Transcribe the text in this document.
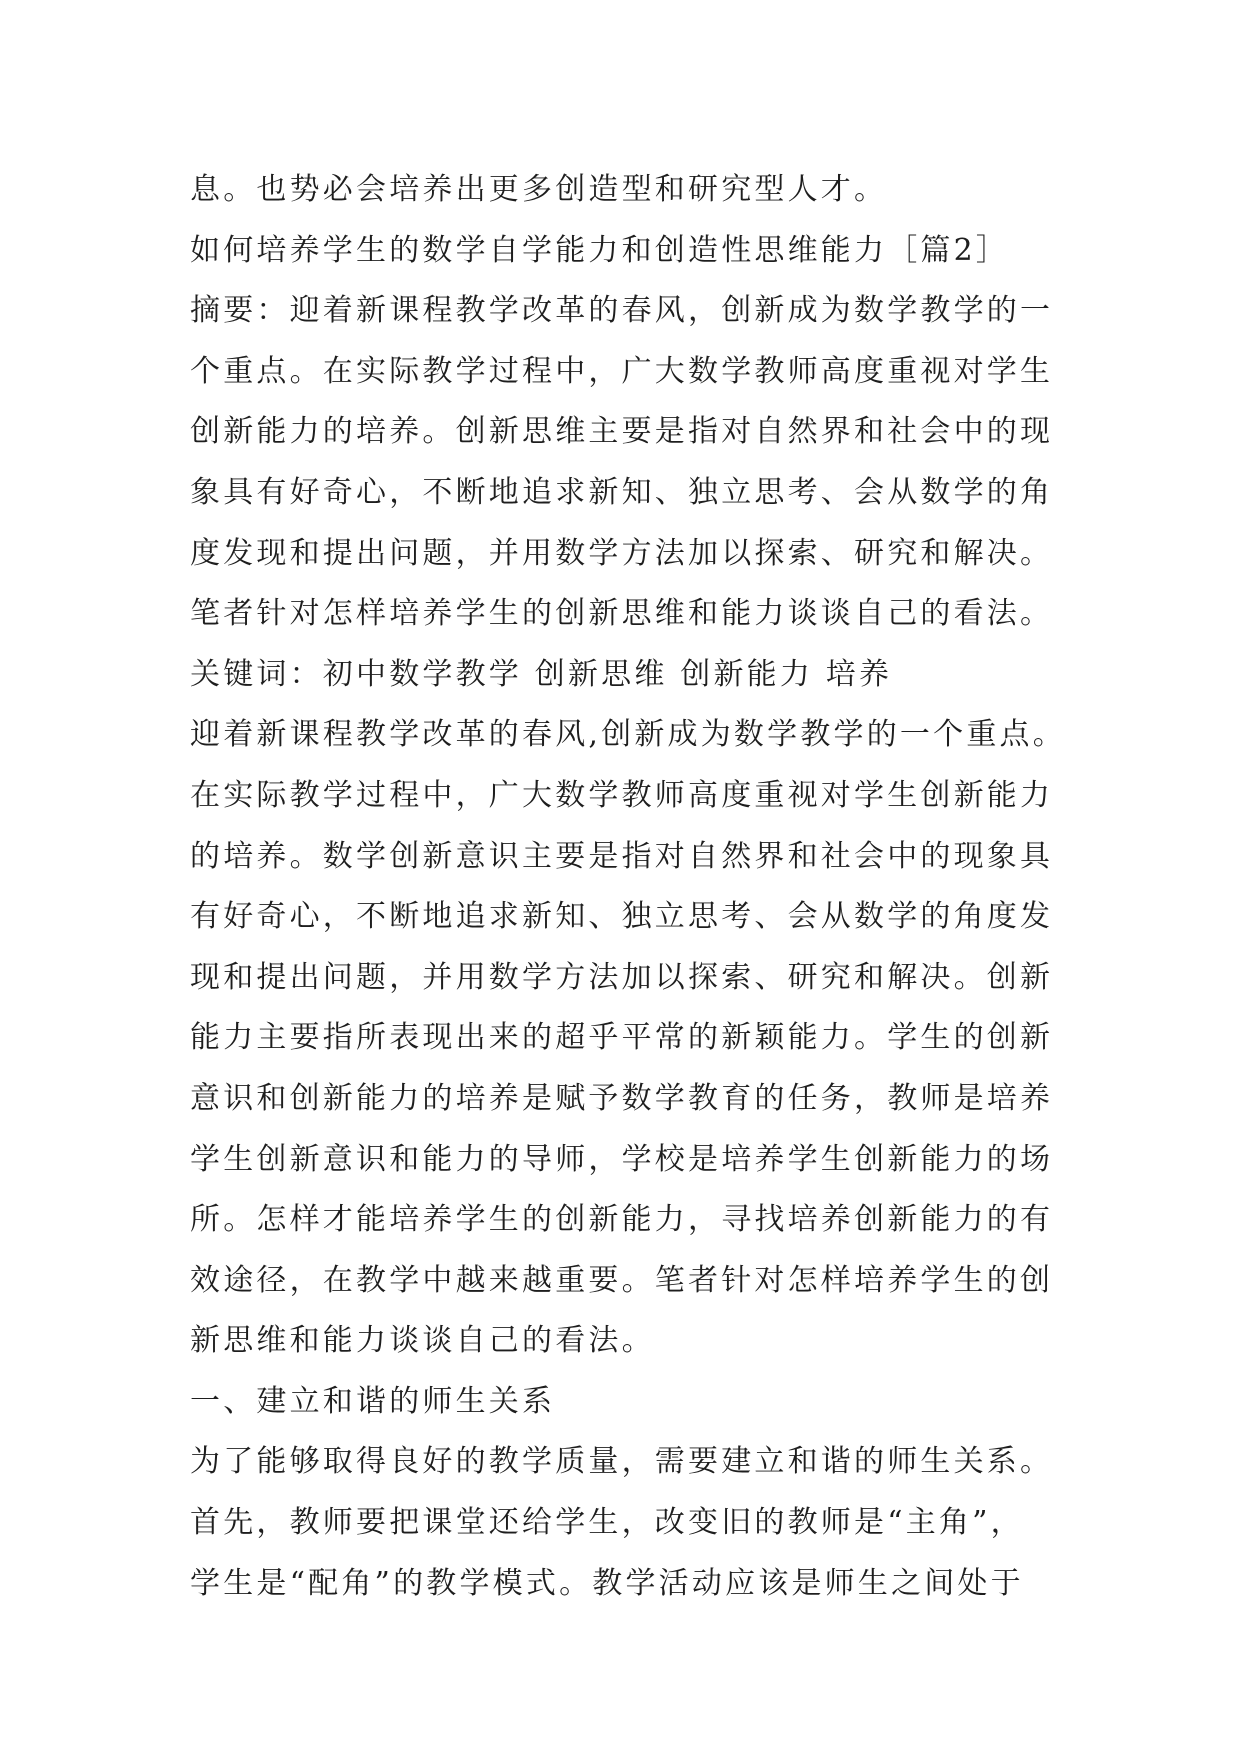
息。也势必会培养出更多创造型和研究型人才。
如何培养学生的数学自学能力和创造性思维能力［篇2］
摘要：迎着新课程教学改革的春风，创新成为数学教学的一
个重点。在实际教学过程中，广大数学教师高度重视对学生
创新能力的培养。创新思维主要是指对自然界和社会中的现
象具有好奇心，不断地追求新知、独立思考、会从数学的角
度发现和提出问题，并用数学方法加以探索、研究和解决。
笔者针对怎样培养学生的创新思维和能力谈谈自己的看法。
关键词：初中数学教学 创新思维 创新能力 培养
迎着新课程教学改革的春风,创新成为数学教学的一个重点。
在实际教学过程中，广大数学教师高度重视对学生创新能力
的培养。数学创新意识主要是指对自然界和社会中的现象具
有好奇心，不断地追求新知、独立思考、会从数学的角度发
现和提出问题，并用数学方法加以探索、研究和解决。创新
能力主要指所表现出来的超乎平常的新颖能力。学生的创新
意识和创新能力的培养是赋予数学教育的任务，教师是培养
学生创新意识和能力的导师，学校是培养学生创新能力的场
所。怎样才能培养学生的创新能力，寻找培养创新能力的有
效途径，在教学中越来越重要。笔者针对怎样培养学生的创
新思维和能力谈谈自己的看法。
一、建立和谐的师生关系
为了能够取得良好的教学质量，需要建立和谐的师生关系。
首先，教师要把课堂还给学生，改变旧的教师是“主角”，
学生是“配角”的教学模式。教学活动应该是师生之间处于
